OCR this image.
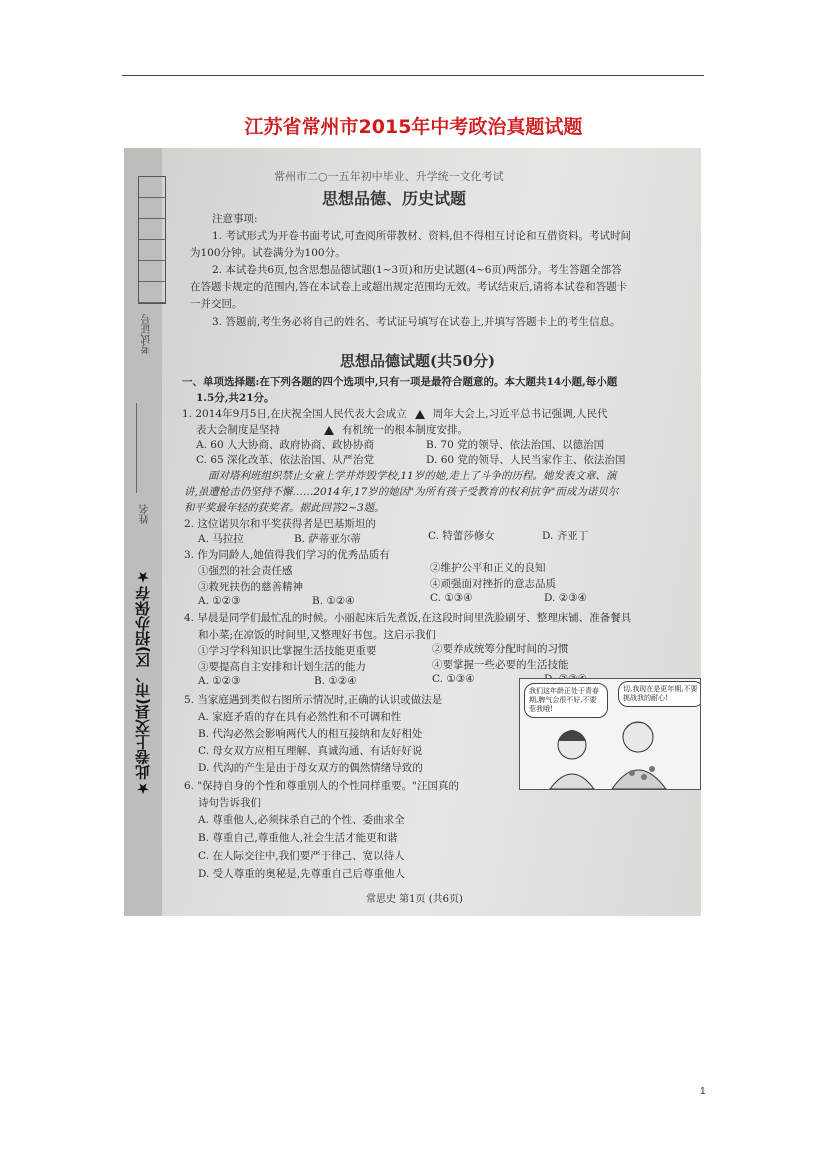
江苏省常州市2015年中考政治真题试题
考试证号
姓名
★此卷上交县(市、区)招办保存★
常州市二○一五年初中毕业、升学统一文化考试
思想品德、历史试题
注意事项:
1. 考试形式为开卷书面考试,可查阅所带教材、资料,但不得相互讨论和互借资料。考试时间
为100分钟。试卷满分为100分。
2. 本试卷共6页,包含思想品德试题(1~3页)和历史试题(4~6页)两部分。考生答题全部答
在答题卡规定的范围内,答在本试卷上或超出规定范围均无效。考试结束后,请将本试卷和答题卡
一并交回。
3. 答题前,考生务必将自己的姓名、考试证号填写在试卷上,并填写答题卡上的考生信息。
思想品德试题(共50分)
一、单项选择题:在下列各题的四个选项中,只有一项是最符合题意的。本大题共14小题,每小题
1.5分,共21分。
1. 2014年9月5日,在庆祝全国人民代表大会成立 周年大会上,习近平总书记强调,人民代
表大会制度是坚持	有机统一的根本制度安排。
A. 60 人大协商、政府协商、政协协商	B. 70 党的领导、依法治国、以德治国
C. 65 深化改革、依法治国、从严治党	D. 60 党的领导、人民当家作主、依法治国
面对塔利班组织禁止女童上学并炸毁学校,11岁的她,走上了斗争的历程。她发表文章、演
讲,虽遭枪击仍坚持不懈……2014年,17岁的她因"为所有孩子受教育的权利抗争"而成为诺贝尔
和平奖最年轻的获奖者。据此回答2~3题。
2. 这位诺贝尔和平奖获得者是巴基斯坦的
A. 马拉拉	B. 萨蒂亚尔蒂	C. 特蕾莎修女	D. 齐亚丁
3. 作为同龄人,她值得我们学习的优秀品质有
①强烈的社会责任感	②维护公平和正义的良知
③救死扶伤的慈善精神	④顽强面对挫折的意志品质
A. ①②③	B. ①②④	C. ①③④	D. ②③④
4. 早晨是同学们最忙乱的时候。小丽起床后先煮饭,在这段时间里洗脸刷牙、整理床铺、准备餐具
和小菜;在凉饭的时间里,又整理好书包。这启示我们
①学习学科知识比掌握生活技能更重要	②要养成统筹分配时间的习惯
③要提高自主安排和计划生活的能力	④要掌握一些必要的生活技能
A. ①②③	B. ①②④	C. ①③④
5. 当家庭遇到类似右图所示情况时,正确的认识或做法是
A. 家庭矛盾的存在具有必然性和不可调和性
B. 代沟必然会影响两代人的相互接纳和友好相处
C. 母女双方应相互理解、真诚沟通、有话好好说
D. 代沟的产生是由于母女双方的偶然情绪导致的
我们这年龄正处于青春期,脾气会很不好,不要惹我哦!
切,我现在是更年期,不要挑战我的耐心!
6. "保持自身的个性和尊重别人的个性同样重要。"汪国真的
诗句告诉我们
A. 尊重他人,必须抹杀自己的个性、委曲求全
B. 尊重自己,尊重他人,社会生活才能更和谐
C. 在人际交往中,我们要严于律己、宽以待人
D. 受人尊重的奥秘是,先尊重自己后尊重他人
常思史 第1页 (共6页)
1
